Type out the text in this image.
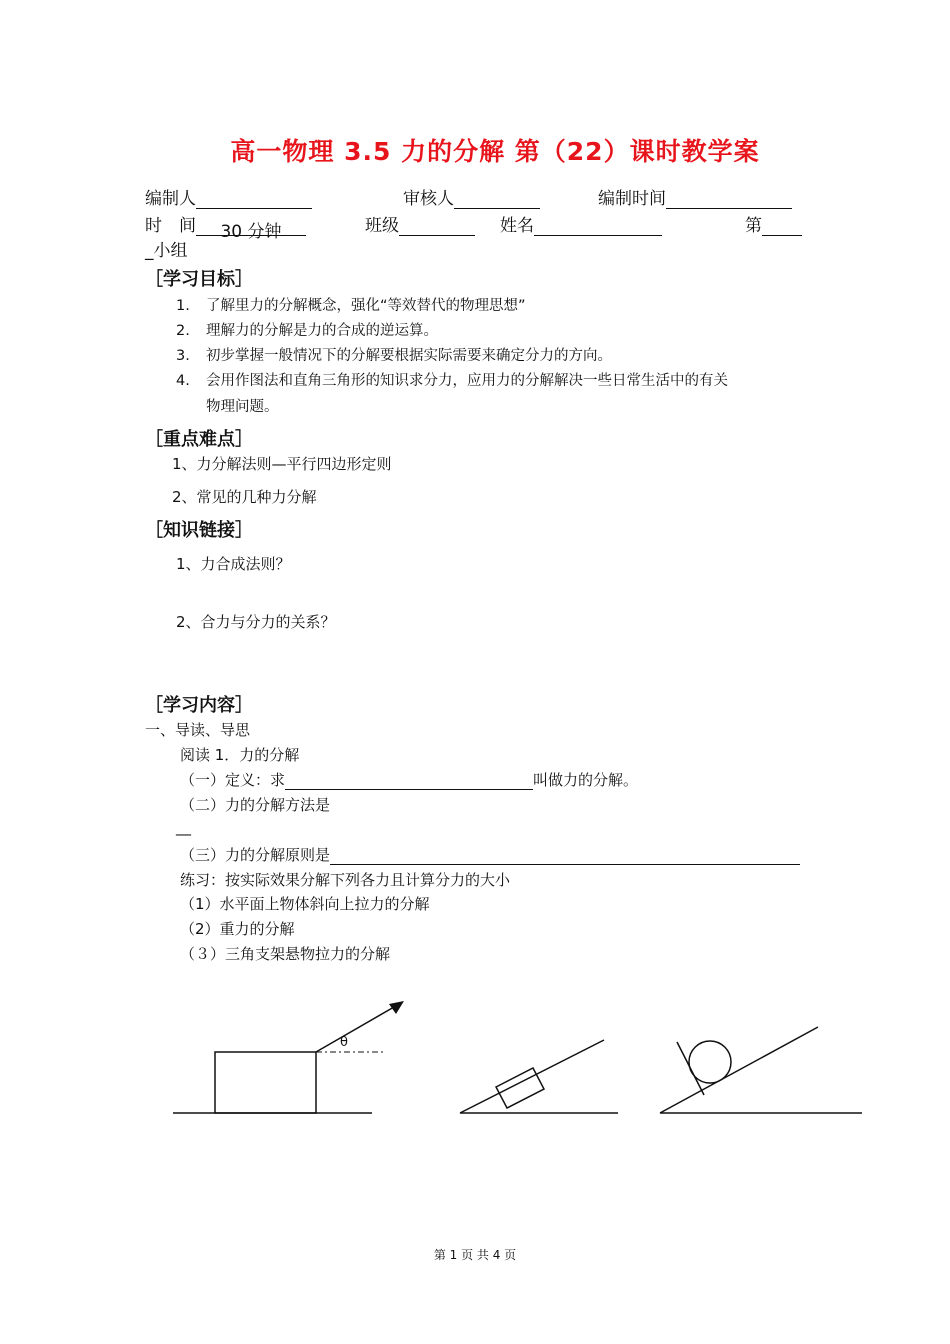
高一物理 3.5 力的分解 第（22）课时教学案
编制人	审核人	编制时间
时　间 30 分钟	班级	姓名	第
_小组
［学习目标］
1. 了解里力的分解概念，强化“等效替代的物理思想”
2. 理解力的分解是力的合成的逆运算。
3. 初步掌握一般情况下的分解要根据实际需要来确定分力的方向。
4. 会用作图法和直角三角形的知识求分力，应用力的分解解决一些日常生活中的有关
物理问题。
［重点难点］
1、力分解法则—平行四边形定则
2、常见的几种力分解
［知识链接］
1、力合成法则？
2、合力与分力的关系？
［学习内容］
一、导读、导思
阅读 1．力的分解
（一）定义：求	叫做力的分解。
（二）力的分解方法是
__
（三）力的分解原则是
练习：按实际效果分解下列各力且计算分力的大小
（1）水平面上物体斜向上拉力的分解
（2）重力的分解
（３）三角支架悬物拉力的分解
θ
第 1 页 共 4 页
